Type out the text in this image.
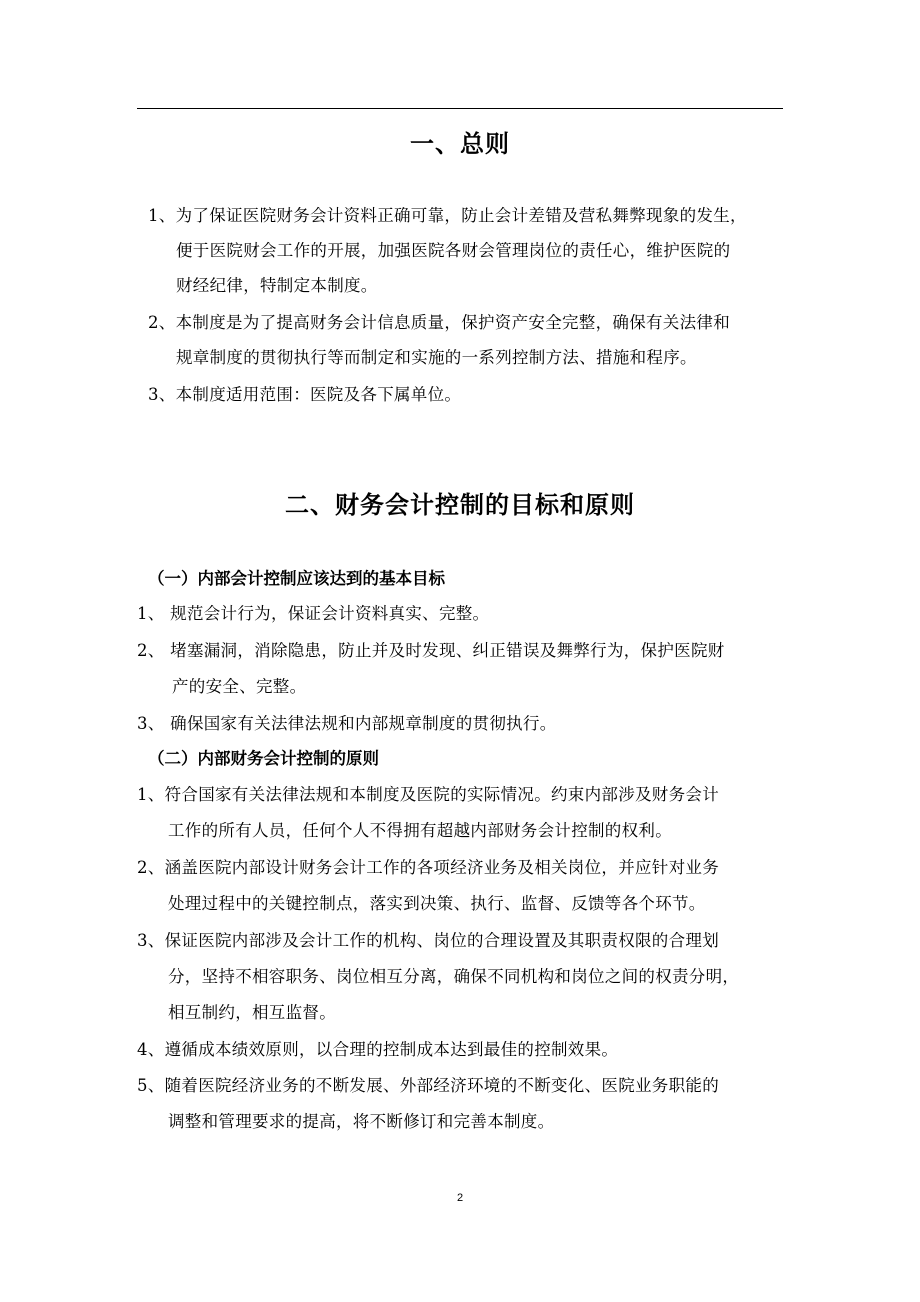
一、总则
1、为了保证医院财务会计资料正确可靠，防止会计差错及营私舞弊现象的发生，
便于医院财会工作的开展，加强医院各财会管理岗位的责任心，维护医院的
财经纪律，特制定本制度。
2、本制度是为了提高财务会计信息质量，保护资产安全完整，确保有关法律和
规章制度的贯彻执行等而制定和实施的一系列控制方法、措施和程序。
3、本制度适用范围：医院及各下属单位。
二、财务会计控制的目标和原则
（一）内部会计控制应该达到的基本目标
1、 规范会计行为，保证会计资料真实、完整。
2、 堵塞漏洞，消除隐患，防止并及时发现、纠正错误及舞弊行为，保护医院财
产的安全、完整。
3、 确保国家有关法律法规和内部规章制度的贯彻执行。
（二）内部财务会计控制的原则
1、符合国家有关法律法规和本制度及医院的实际情况。约束内部涉及财务会计
工作的所有人员，任何个人不得拥有超越内部财务会计控制的权利。
2、涵盖医院内部设计财务会计工作的各项经济业务及相关岗位，并应针对业务
处理过程中的关键控制点，落实到决策、执行、监督、反馈等各个环节。
3、保证医院内部涉及会计工作的机构、岗位的合理设置及其职责权限的合理划
分，坚持不相容职务、岗位相互分离，确保不同机构和岗位之间的权责分明，
相互制约，相互监督。
4、遵循成本绩效原则，以合理的控制成本达到最佳的控制效果。
5、随着医院经济业务的不断发展、外部经济环境的不断变化、医院业务职能的
调整和管理要求的提高，将不断修订和完善本制度。
2
